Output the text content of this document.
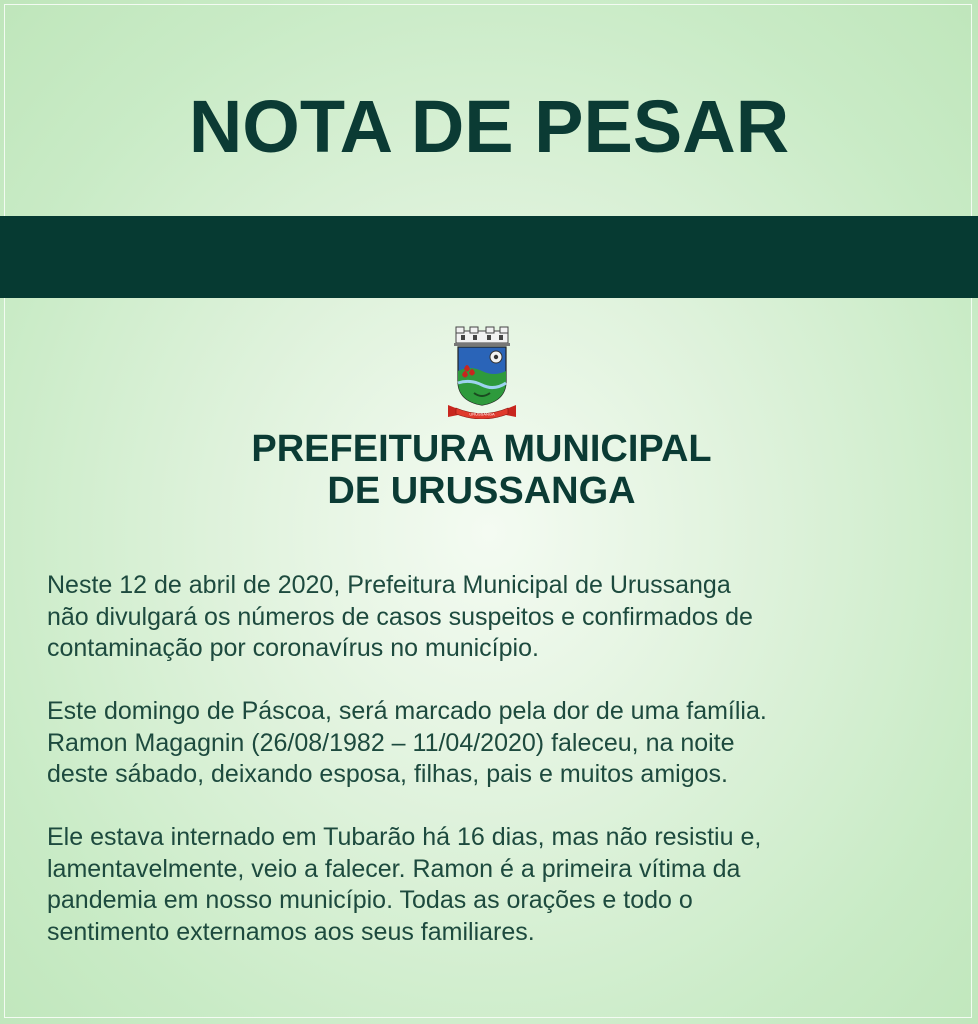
NOTA DE PESAR
URUSSANGA
PREFEITURA MUNICIPAL
DE URUSSANGA

Neste 12 de abril de 2020, Prefeitura Municipal de Urussanga
não divulgará os números de casos suspeitos e confirmados de
contaminação por coronavírus no município.

Este domingo de Páscoa, será marcado pela dor de uma família.
Ramon Magagnin (26/08/1982 – 11/04/2020) faleceu, na noite
deste sábado, deixando esposa, filhas, pais e muitos amigos.

Ele estava internado em Tubarão há 16 dias, mas não resistiu e,
lamentavelmente, veio a falecer. Ramon é a primeira vítima da
pandemia em nosso município. Todas as orações e todo o
sentimento externamos aos seus familiares.
